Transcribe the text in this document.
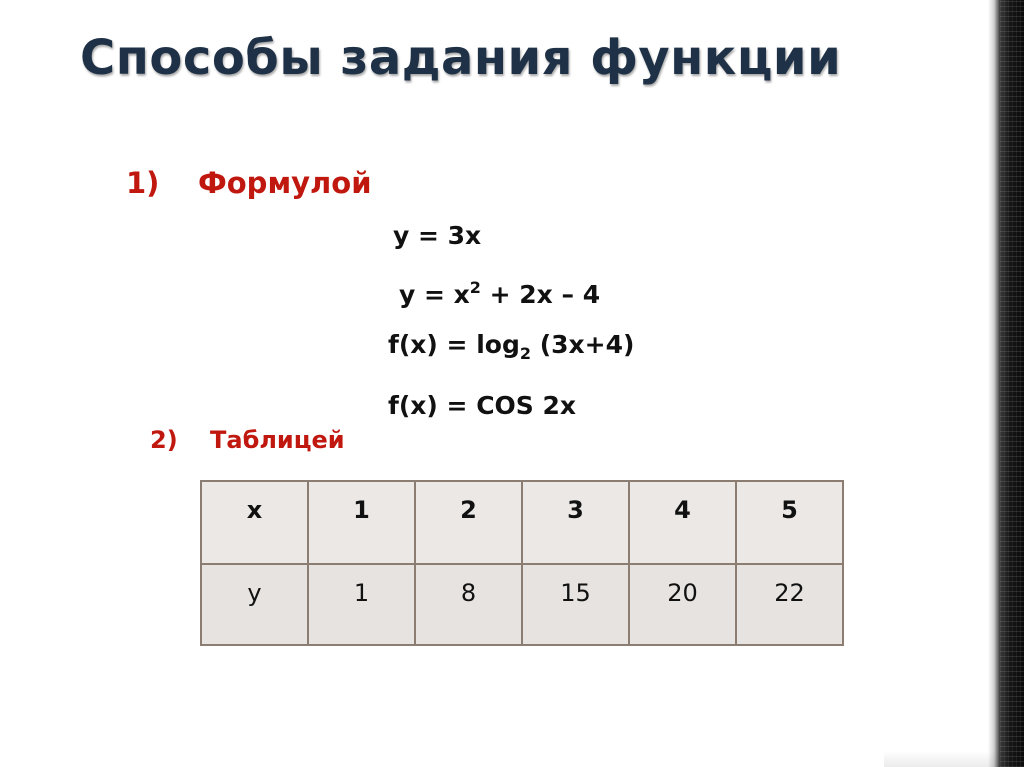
Способы задания функции
1) Формулой
y = 3x
$y = x^2 + 2x - 4$
$f(x) = \log_2 (3x+4)$
f(x) = COS 2x
2) Таблицей
x	1	2	3	4	5
y	1	8	15	20	22
